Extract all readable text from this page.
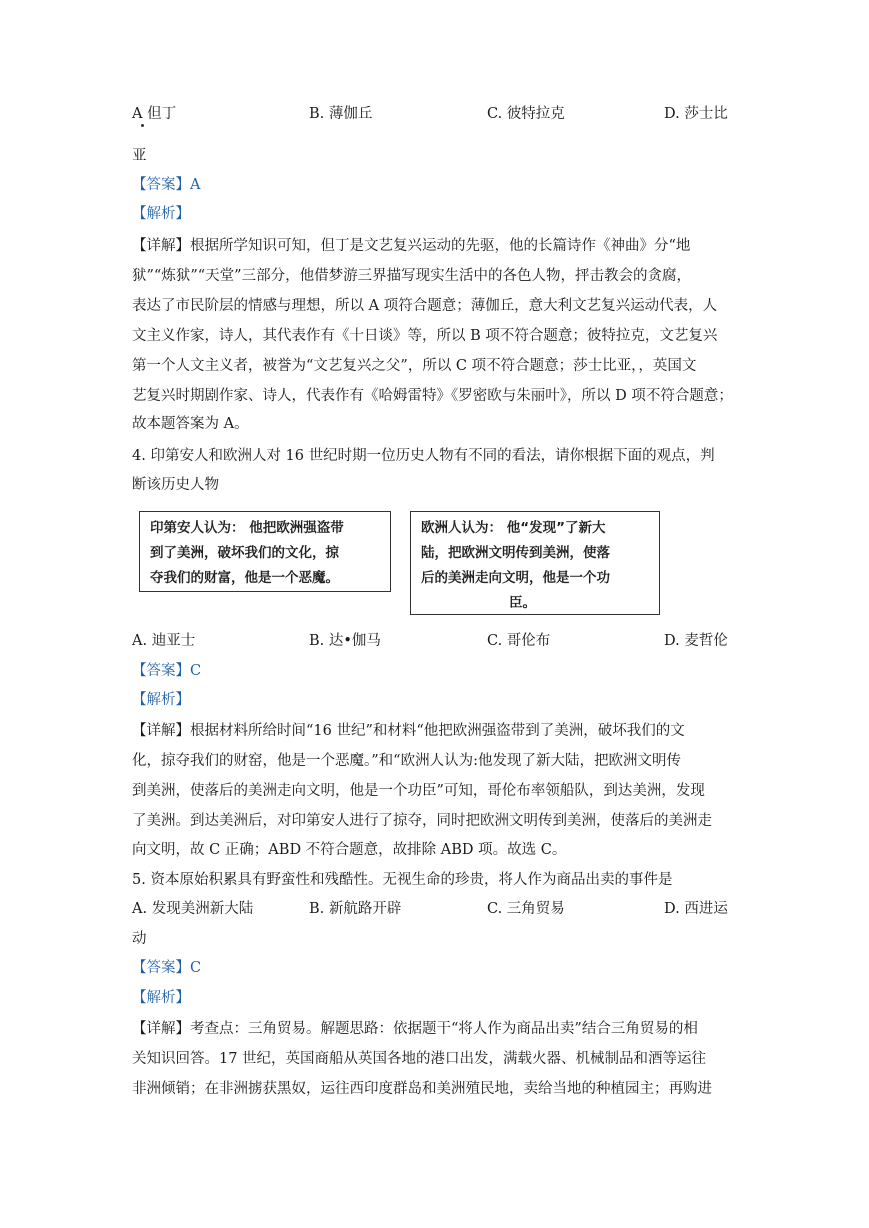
A 但丁	B. 薄伽丘	C. 彼特拉克	D. 莎士比
亚
【答案】A
【解析】
【详解】根据所学知识可知，但丁是文艺复兴运动的先驱，他的长篇诗作《神曲》分“地
狱”“炼狱”“天堂”三部分，他借梦游三界描写现实生活中的各色人物，抨击教会的贪腐，
表达了市民阶层的情感与理想，所以 A 项符合题意；薄伽丘，意大利文艺复兴运动代表，人
文主义作家，诗人，其代表作有《十日谈》等，所以 B 项不符合题意；彼特拉克，文艺复兴
第一个人文主义者，被誉为“文艺复兴之父”，所以 C 项不符合题意；莎士比亚，，英国文
艺复兴时期剧作家、诗人，代表作有《哈姆雷特》《罗密欧与朱丽叶》，所以 D 项不符合题意；
故本题答案为 A。
4. 印第安人和欧洲人对 16 世纪时期一位历史人物有不同的看法，请你根据下面的观点，判
断该历史人物
印第安人认为： 他把欧洲强盗带
到了美洲，破坏我们的文化，掠
夺我们的财富，他是一个恶魔。
欧洲人认为： 他“发现”了新大
陆，把欧洲文明传到美洲，使落
后的美洲走向文明，他是一个功
臣。
A. 迪亚士	B. 达•伽马	C. 哥伦布	D. 麦哲伦
【答案】C
【解析】
【详解】根据材料所给时间“16 世纪”和材料“他把欧洲强盗带到了美洲，破坏我们的文
化，掠夺我们的财窑，他是一个恶魔。”和“欧洲人认为:他发现了新大陆，把欧洲文明传
到美洲，使落后的美洲走向文明，他是一个功臣”可知，哥伦布率领船队，到达美洲，发现
了美洲。到达美洲后，对印第安人进行了掠夺，同时把欧洲文明传到美洲，使落后的美洲走
向文明，故 C 正确；ABD 不符合题意，故排除 ABD 项。故选 C。
5. 资本原始积累具有野蛮性和残酷性。无视生命的珍贵，将人作为商品出卖的事件是
A. 发现美洲新大陆	B. 新航路开辟	C. 三角贸易	D. 西进运
动
【答案】C
【解析】
【详解】考查点：三角贸易。解题思路：依据题干“将人作为商品出卖”结合三角贸易的相
关知识回答。17 世纪，英国商船从英国各地的港口出发，满载火器、机械制品和酒等运往
非洲倾销；在非洲掳获黑奴，运往西印度群岛和美洲殖民地，卖给当地的种植园主；再购进
